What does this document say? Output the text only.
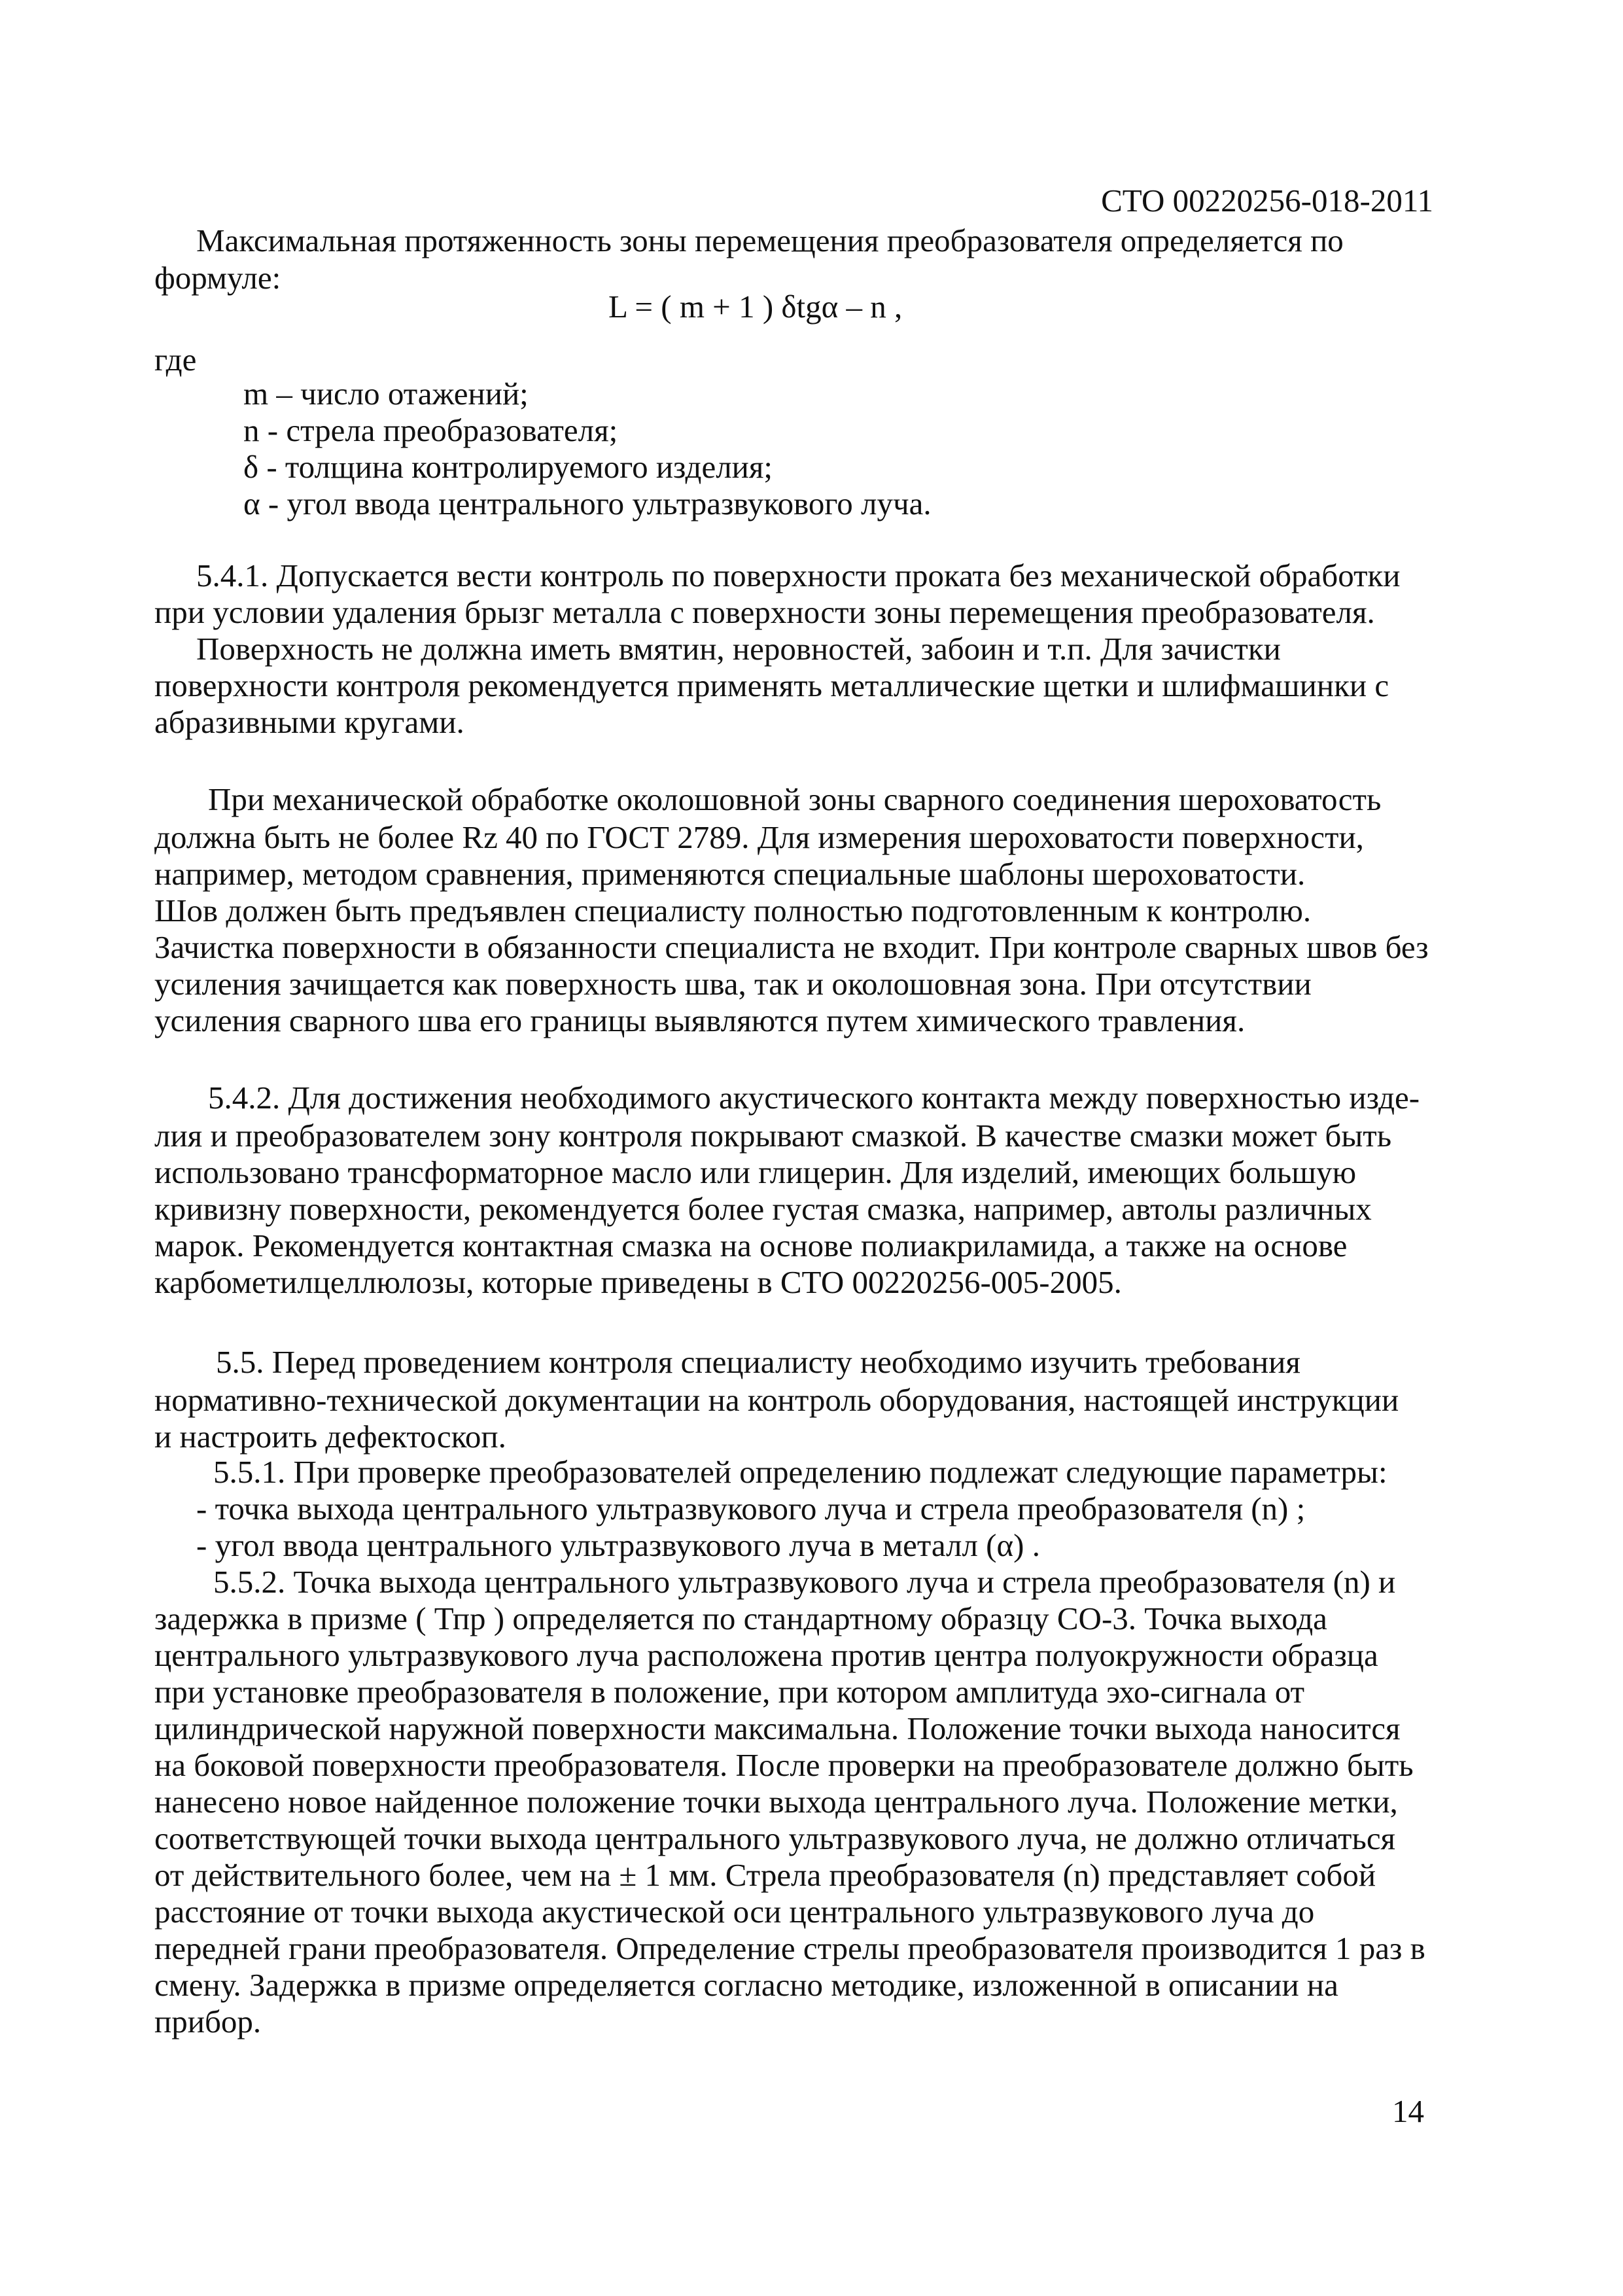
СТО 00220256-018-2011
Максимальная протяженность зоны перемещения преобразователя определяется по
формуле:
L = ( m + 1 ) δtgα – n ,
где
m – число отажений;
n - стрела преобразователя;
δ - толщина контролируемого изделия;
α - угол ввода центрального ультразвукового луча.
5.4.1. Допускается вести контроль по поверхности проката без механической обработки
при условии удаления брызг металла с поверхности зоны перемещения преобразователя.
Поверхность не должна иметь вмятин, неровностей, забоин и т.п. Для зачистки
поверхности контроля рекомендуется применять металлические щетки и шлифмашинки с
абразивными кругами.
При механической обработке околошовной зоны сварного соединения шероховатость
должна быть не более Rz 40 по ГОСТ 2789. Для измерения шероховатости поверхности,
например, методом сравнения, применяются специальные шаблоны шероховатости.
Шов должен быть предъявлен специалисту полностью подготовленным к контролю.
Зачистка поверхности в обязанности специалиста не входит. При контроле сварных швов без
усиления зачищается как поверхность шва, так и околошовная зона. При отсутствии
усиления сварного шва его границы выявляются путем химического травления.
5.4.2. Для достижения необходимого акустического контакта между поверхностью изде-
лия и преобразователем зону контроля покрывают смазкой. В качестве смазки может быть
использовано трансформаторное масло или глицерин. Для изделий, имеющих большую
кривизну поверхности, рекомендуется более густая смазка, например, автолы различных
марок. Рекомендуется контактная смазка на основе полиакриламида, а также на основе
карбометилцеллюлозы, которые приведены в СТО 00220256-005-2005.
5.5. Перед проведением контроля специалисту необходимо изучить требования
нормативно-технической документации на контроль оборудования, настоящей инструкции
и настроить дефектоскоп.
5.5.1. При проверке преобразователей определению подлежат следующие параметры:
- точка выхода центрального ультразвукового луча и стрела преобразователя (n) ;
- угол ввода центрального ультразвукового луча в металл (α) .
5.5.2. Точка выхода центрального ультразвукового луча и стрела преобразователя (n) и
задержка в призме ( Тпр ) определяется по стандартному образцу СО-3. Точка выхода
центрального ультразвукового луча расположена против центра полуокружности образца
при установке преобразователя в положение, при котором амплитуда эхо-сигнала от
цилиндрической наружной поверхности максимальна. Положение точки выхода наносится
на боковой поверхности преобразователя. После проверки на преобразователе должно быть
нанесено новое найденное положение точки выхода центрального луча. Положение метки,
соответствующей точки выхода центрального ультразвукового луча, не должно отличаться
от действительного более, чем на ± 1 мм. Стрела преобразователя (n) представляет собой
расстояние от точки выхода акустической оси центрального ультразвукового луча до
передней грани преобразователя. Определение стрелы преобразователя производится 1 раз в
смену. Задержка в призме определяется согласно методике, изложенной в описании на
прибор.
14
